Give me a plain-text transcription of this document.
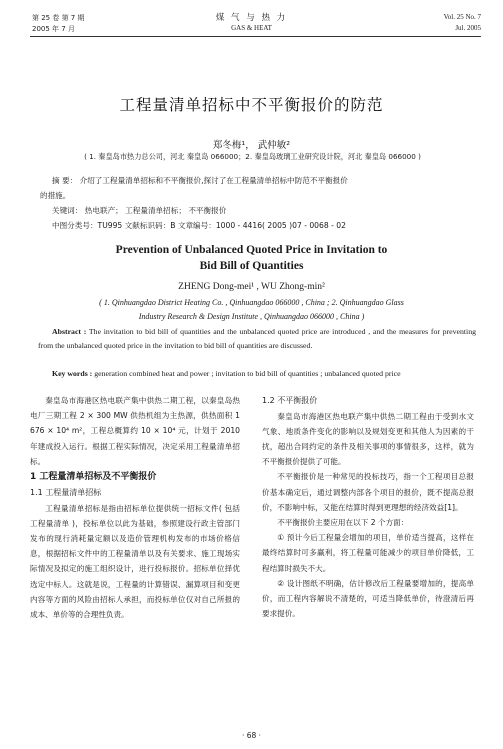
第 25 卷 第 7 期
2005 年 7 月
煤 气 与 热 力
GAS & HEAT
Vol. 25 No. 7
Jul. 2005
工程量清单招标中不平衡报价的防范
郑冬梅¹， 武仲敏²
( 1. 秦皇岛市热力总公司，河北 秦皇岛 066000；2. 秦皇岛玻璃工业研究设计院，河北 秦皇岛 066000 )
摘 要： 介绍了工程量清单招标和不平衡报价,探讨了在工程量清单招标中防范不平衡报价
的措施。
关键词： 热电联产； 工程量清单招标； 不平衡报价
中图分类号：TU995 文献标识码：B 文章编号：1000 - 4416( 2005 )07 - 0068 - 02
Prevention of Unbalanced Quoted Price in Invitation to
Bid Bill of Quantities
ZHENG Dong-mei¹ , WU Zhong-min²
( 1. Qinhuangdao District Heating Co. , Qinhuangdao 066000 , China ; 2. Qinhuangdao Glass
Industry Research & Design Institute , Qinhuangdao 066000 , China )
Abstract : The invitation to bid bill of quantities and the unbalanced quoted price are introduced , and the measures for preventing from the unbalanced quoted price in the invitation to bid bill of quantities are discussed.
Key words : generation combined heat and power ; invitation to bid bill of quantities ; unbalanced quoted price

秦皇岛市海港区热电联产集中供热二期工程，以秦皇岛热电厂三期工程 2 × 300 MW 供热机组为主热源，供热面积 1 676 × 10⁴ m²，工程总概算约 10 × 10⁴ 元，计划于 2010 年建成投入运行。根据工程实际情况，决定采用工程量清单招标。

1 工程量清单招标及不平衡报价
1.1 工程量清单招标

工程量清单招标是指由招标单位提供统一招标文件( 包括工程量清单 )，投标单位以此为基础，参照建设行政主管部门发布的现行消耗量定额以及造价管理机构发布的市场价格信息，根据招标文件中的工程量清单以及有关要求、施工现场实际情况及拟定的施工组织设计，进行投标报价。招标单位择优选定中标人。这就是说，工程量的计算错误、漏算项目和变更内容等方面的风险由招标人承担，而投标单位仅对自己所报的成本、单价等的合理性负责。

1.2 不平衡报价

秦皇岛市海港区热电联产集中供热二期工程由于受到水文气象、地质条件变化的影响以及规划变更和其他人为因素的干扰，超出合同约定的条件及相关事项的事情很多，这样，就为不平衡报价提供了可能。

不平衡报价是一种常见的投标技巧，指一个工程项目总报价基本确定后，通过调整内部各个项目的报价，既不提高总报价，不影响中标，又能在结算时得到更理想的经济效益[1]。

不平衡报价主要应用在以下 2 个方面：

① 预计今后工程量会增加的项目，单价适当提高，这样在最终结算时可多赢利，将工程量可能减少的项目单价降低，工程结算时损失不大。

② 设计图纸不明确，估计修改后工程量要增加的，提高单价，而工程内容解说不清楚的，可适当降低单价，待澄清后再要求提价。

· 68 ·
